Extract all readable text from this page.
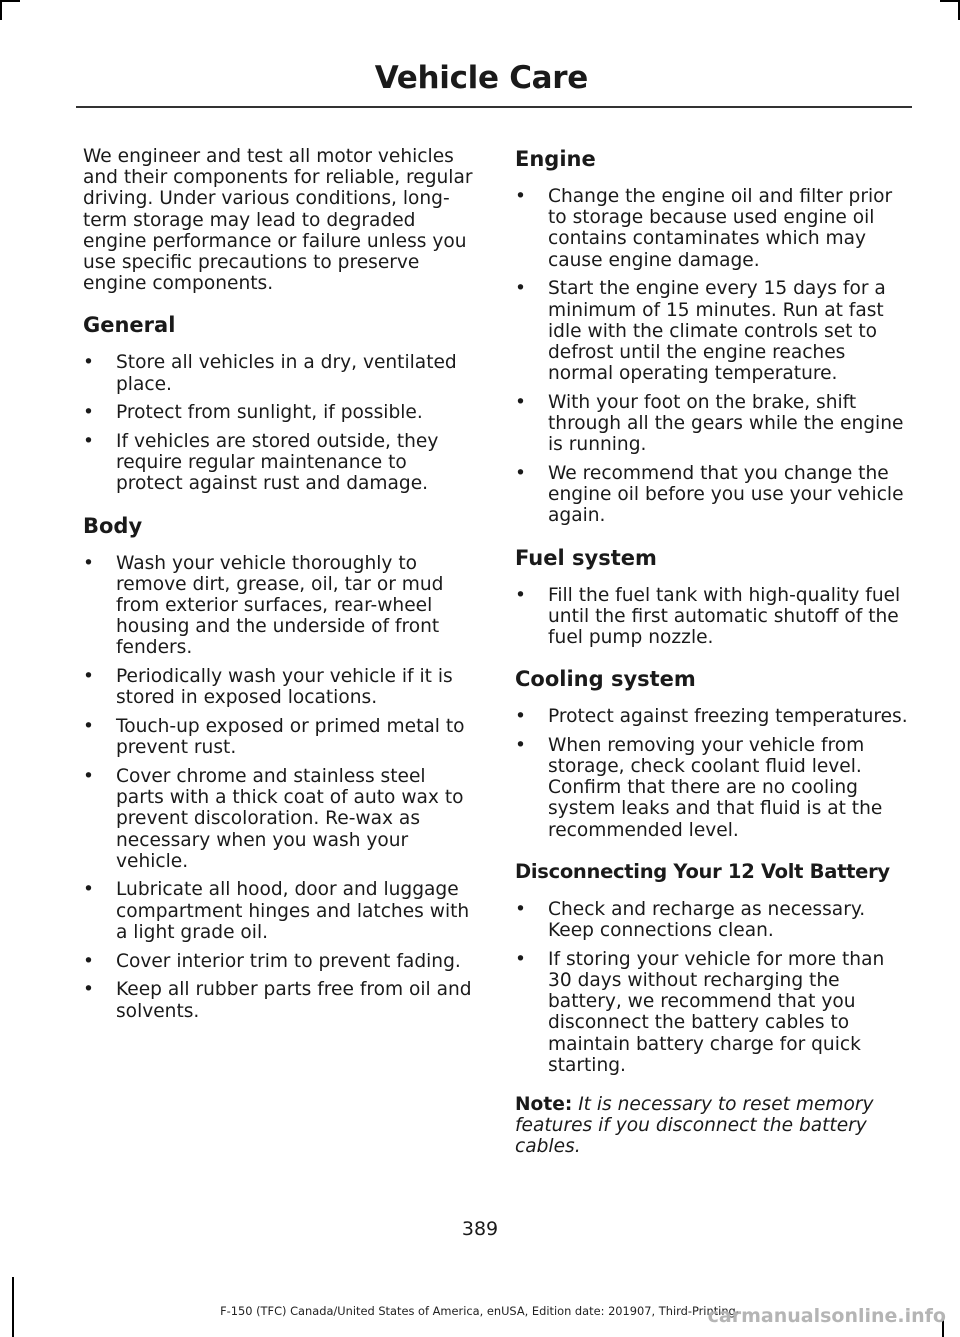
Vehicle Care

We engineer and test all motor vehicles and their components for reliable, regular driving. Under various conditions, long-term storage may lead to degraded engine performance or failure unless you use specific precautions to preserve engine components.

General
• Store all vehicles in a dry, ventilated place.
• Protect from sunlight, if possible.
• If vehicles are stored outside, they require regular maintenance to protect against rust and damage.
Body
• Wash your vehicle thoroughly to remove dirt, grease, oil, tar or mud from exterior surfaces, rear-wheel housing and the underside of front fenders.
• Periodically wash your vehicle if it is stored in exposed locations.
• Touch-up exposed or primed metal to prevent rust.
• Cover chrome and stainless steel parts with a thick coat of auto wax to prevent discoloration. Re-wax as necessary when you wash your vehicle.
• Lubricate all hood, door and luggage compartment hinges and latches with a light grade oil.
• Cover interior trim to prevent fading.
• Keep all rubber parts free from oil and solvents.
Engine
• Change the engine oil and filter prior to storage because used engine oil contains contaminates which may cause engine damage.
• Start the engine every 15 days for a minimum of 15 minutes. Run at fast idle with the climate controls set to defrost until the engine reaches normal operating temperature.
• With your foot on the brake, shift through all the gears while the engine is running.
• We recommend that you change the engine oil before you use your vehicle again.
Fuel system
• Fill the fuel tank with high-quality fuel until the first automatic shutoff of the fuel pump nozzle.
Cooling system
• Protect against freezing temperatures.
• When removing your vehicle from storage, check coolant fluid level. Confirm that there are no cooling system leaks and that fluid is at the recommended level.
Disconnecting Your 12 Volt Battery
• Check and recharge as necessary. Keep connections clean.
• If storing your vehicle for more than 30 days without recharging the battery, we recommend that you disconnect the battery cables to maintain battery charge for quick starting.

Note: It is necessary to reset memory features if you disconnect the battery cables.

389
F-150 (TFC) Canada/United States of America, enUSA, Edition date: 201907, Third-Printing-
carmanualsonline.info
